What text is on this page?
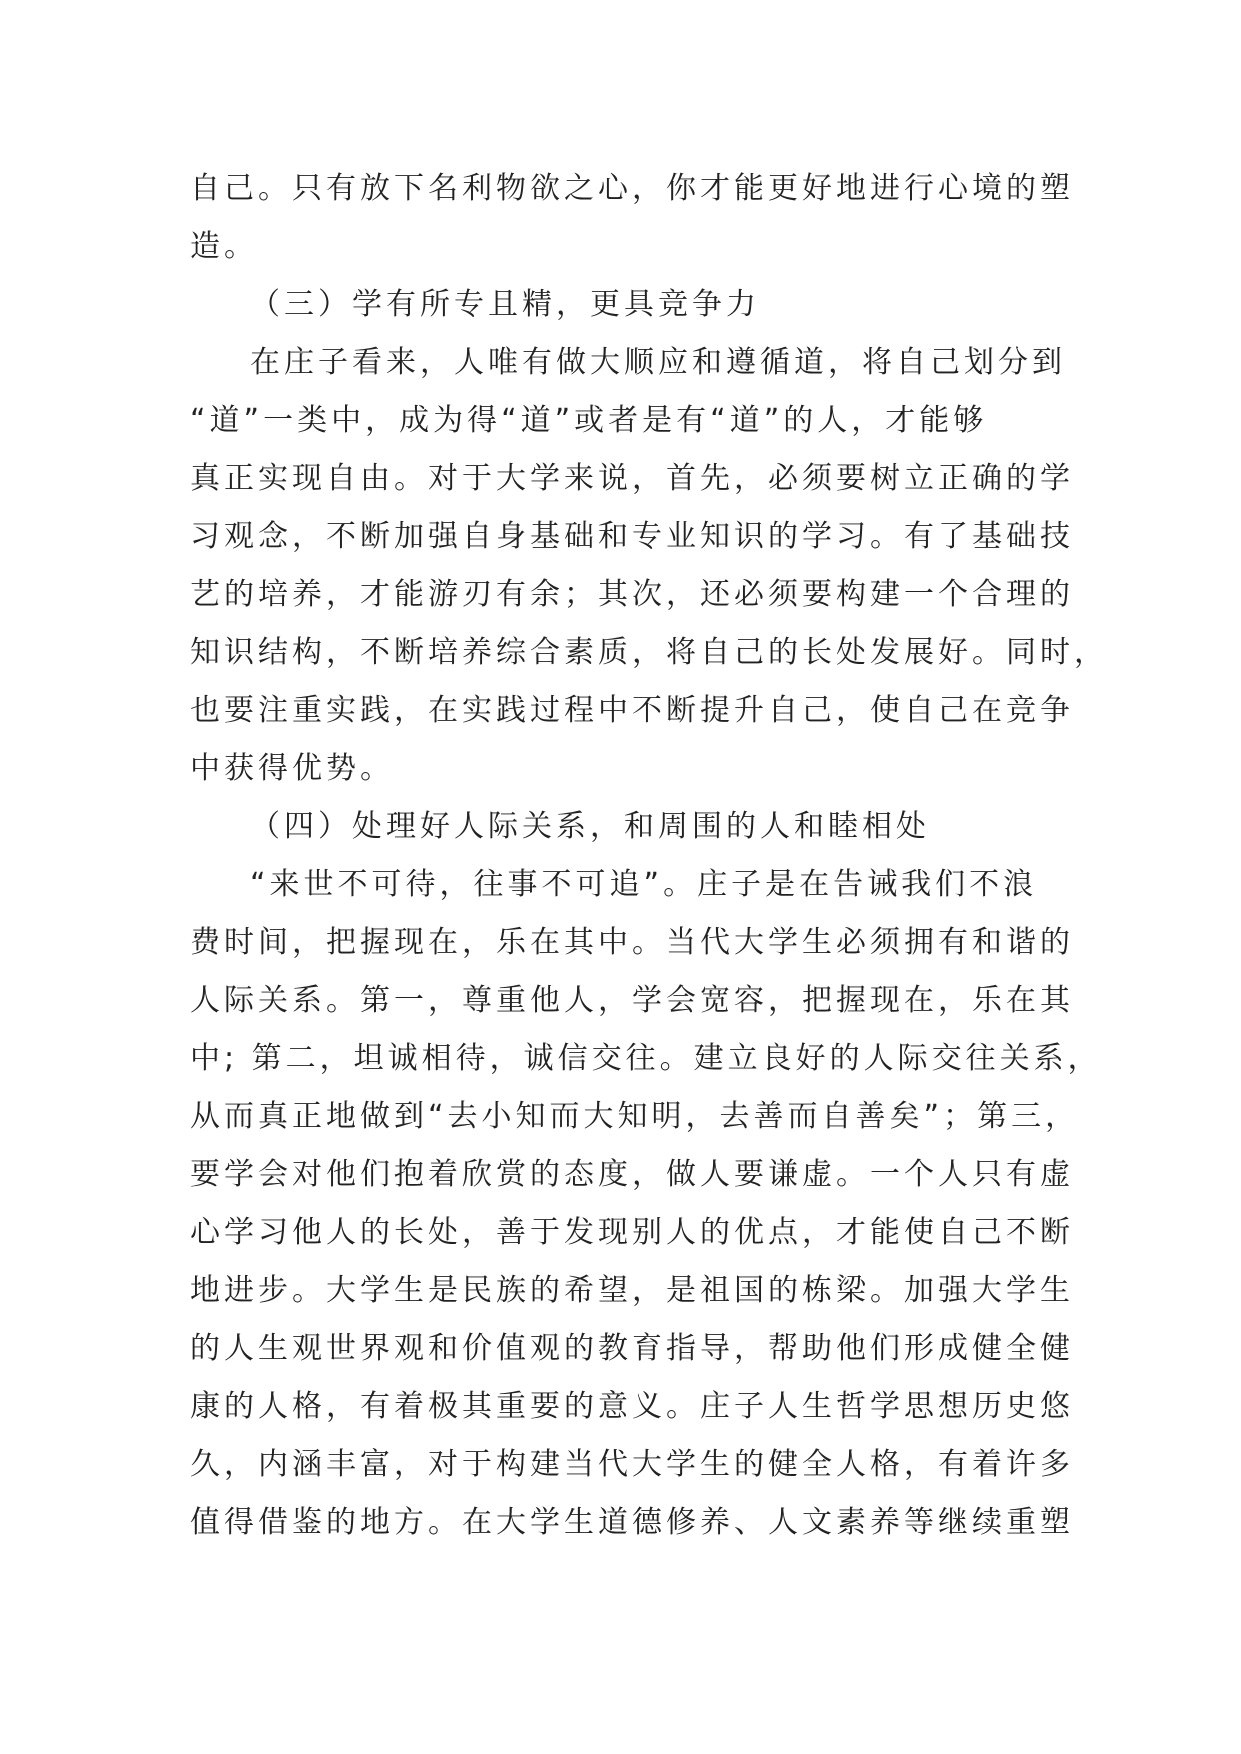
自己。只有放下名利物欲之心，你才能更好地进行心境的塑
造。
（三）学有所专且精，更具竞争力
在庄子看来，人唯有做大顺应和遵循道，将自己划分到
“道”一类中，成为得“道”或者是有“道”的人，才能够
真正实现自由。对于大学来说，首先，必须要树立正确的学
习观念，不断加强自身基础和专业知识的学习。有了基础技
艺的培养，才能游刃有余；其次，还必须要构建一个合理的
知识结构，不断培养综合素质，将自己的长处发展好。同时，
也要注重实践，在实践过程中不断提升自己，使自己在竞争
中获得优势。
（四）处理好人际关系，和周围的人和睦相处
“来世不可待，往事不可追”。庄子是在告诫我们不浪
费时间，把握现在，乐在其中。当代大学生必须拥有和谐的
人际关系。第一，尊重他人，学会宽容，把握现在，乐在其
中; 第二，坦诚相待，诚信交往。建立良好的人际交往关系，
从而真正地做到“去小知而大知明，去善而自善矣”；第三，
要学会对他们抱着欣赏的态度，做人要谦虚。一个人只有虚
心学习他人的长处，善于发现别人的优点，才能使自己不断
地进步。大学生是民族的希望，是祖国的栋梁。加强大学生
的人生观世界观和价值观的教育指导，帮助他们形成健全健
康的人格，有着极其重要的意义。庄子人生哲学思想历史悠
久，内涵丰富，对于构建当代大学生的健全人格，有着许多
值得借鉴的地方。在大学生道德修养、人文素养等继续重塑
